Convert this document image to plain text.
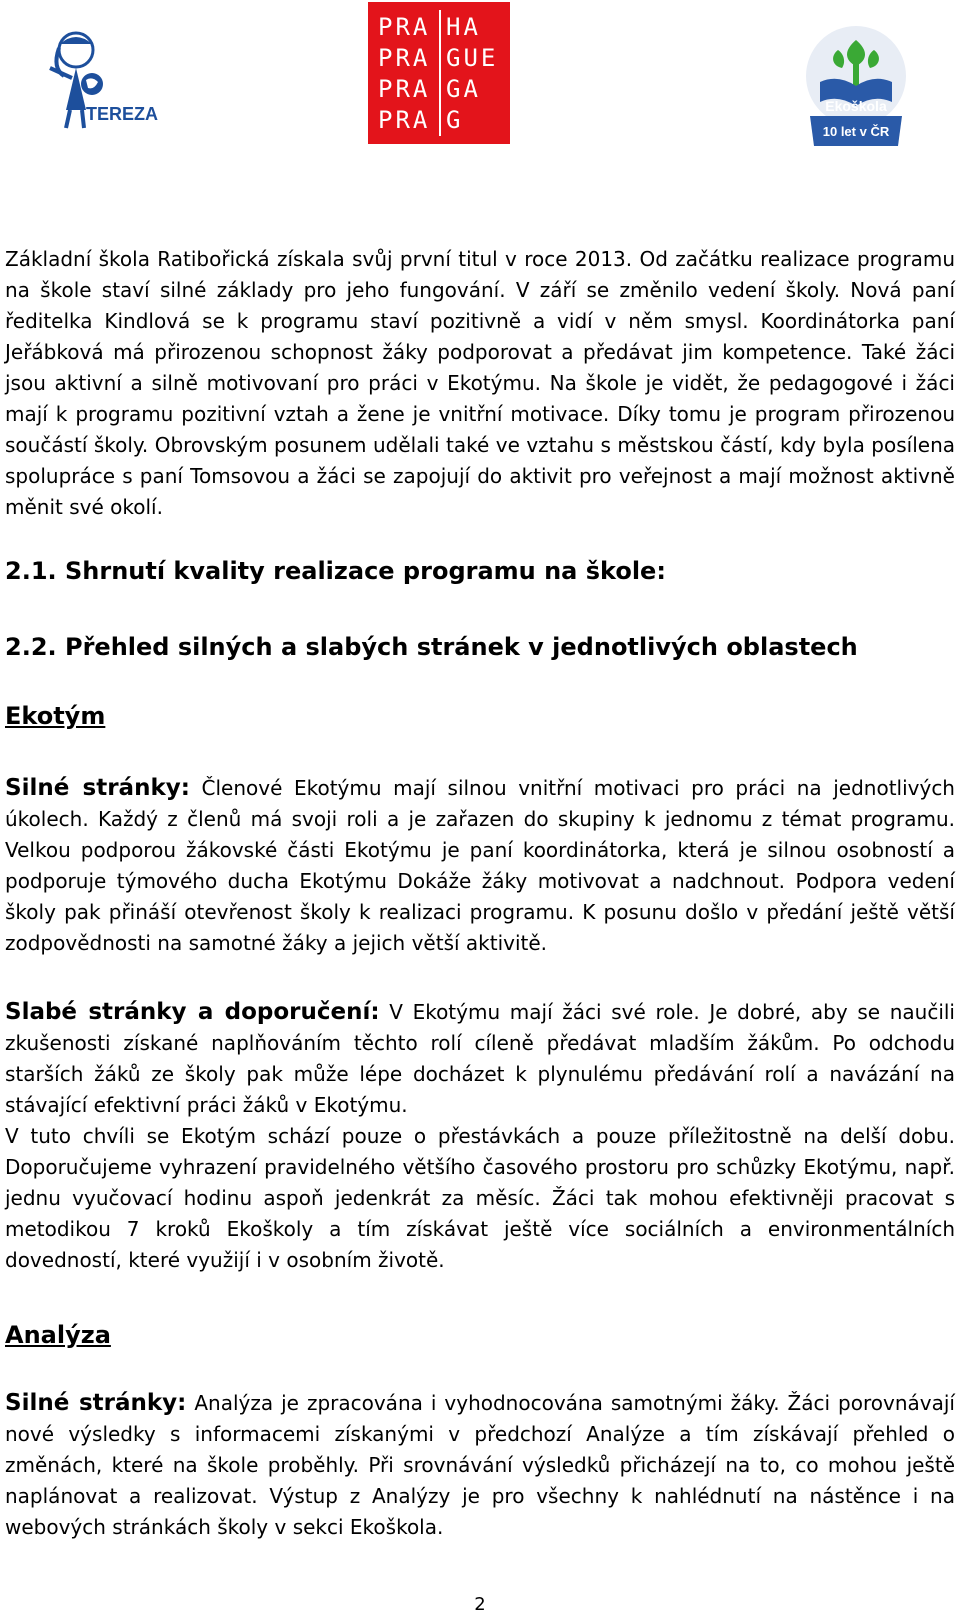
TEREZA
PRA
PRA
PRA
PRA
HA
GUE
GA
G	Ekoškola
10 let v ČR

Základní škola Ratibořická získala svůj první titul v roce 2013. Od začátku realizace programu na škole staví silné základy pro jeho fungování. V září se změnilo vedení školy. Nová paní ředitelka Kindlová se k programu staví pozitivně a vidí v něm smysl. Koordinátorka paní Jeřábková má přirozenou schopnost žáky podporovat a předávat jim kompetence. Také žáci jsou aktivní a silně motivovaní pro práci v Ekotýmu. Na škole je vidět, že pedagogové i žáci mají k programu pozitivní vztah a žene je vnitřní motivace. Díky tomu je program přirozenou součástí školy. Obrovským posunem udělali také ve vztahu s městskou částí, kdy byla posílena spolupráce s paní Tomsovou a žáci se zapojují do aktivit pro veřejnost a mají možnost aktivně měnit své okolí.

2.1. Shrnutí kvality realizace programu na škole:
2.2. Přehled silných a slabých stránek v jednotlivých oblastech
Ekotým

Silné stránky: Členové Ekotýmu mají silnou vnitřní motivaci pro práci na jednotlivých úkolech. Každý z členů má svoji roli a je zařazen do skupiny k jednomu z témat programu. Velkou podporou žákovské části Ekotýmu je paní koordinátorka, která je silnou osobností a podporuje týmového ducha Ekotýmu Dokáže žáky motivovat a nadchnout. Podpora vedení školy pak přináší otevřenost školy k realizaci programu. K posunu došlo v předání ještě větší zodpovědnosti na samotné žáky a jejich větší aktivitě.

Slabé stránky a doporučení: V Ekotýmu mají žáci své role. Je dobré, aby se naučili zkušenosti získané naplňováním těchto rolí cíleně předávat mladším žákům. Po odchodu starších žáků ze školy pak může lépe docházet k plynulému předávání rolí a navázání na stávající efektivní práci žáků v Ekotýmu.

V tuto chvíli se Ekotým schází pouze o přestávkách a pouze příležitostně na delší dobu. Doporučujeme vyhrazení pravidelného většího časového prostoru pro schůzky Ekotýmu, např. jednu vyučovací hodinu aspoň jedenkrát za měsíc. Žáci tak mohou efektivněji pracovat s metodikou 7 kroků Ekoškoly a tím získávat ještě více sociálních a environmentálních dovedností, které využijí i v osobním životě.

Analýza

Silné stránky: Analýza je zpracována i vyhodnocována samotnými žáky. Žáci porovnávají nové výsledky s informacemi získanými v předchozí Analýze a tím získávají přehled o změnách, které na škole proběhly. Při srovnávání výsledků přicházejí na to, co mohou ještě naplánovat a realizovat. Výstup z Analýzy je pro všechny k nahlédnutí na nástěnce i na webových stránkách školy v sekci Ekoškola.

2
